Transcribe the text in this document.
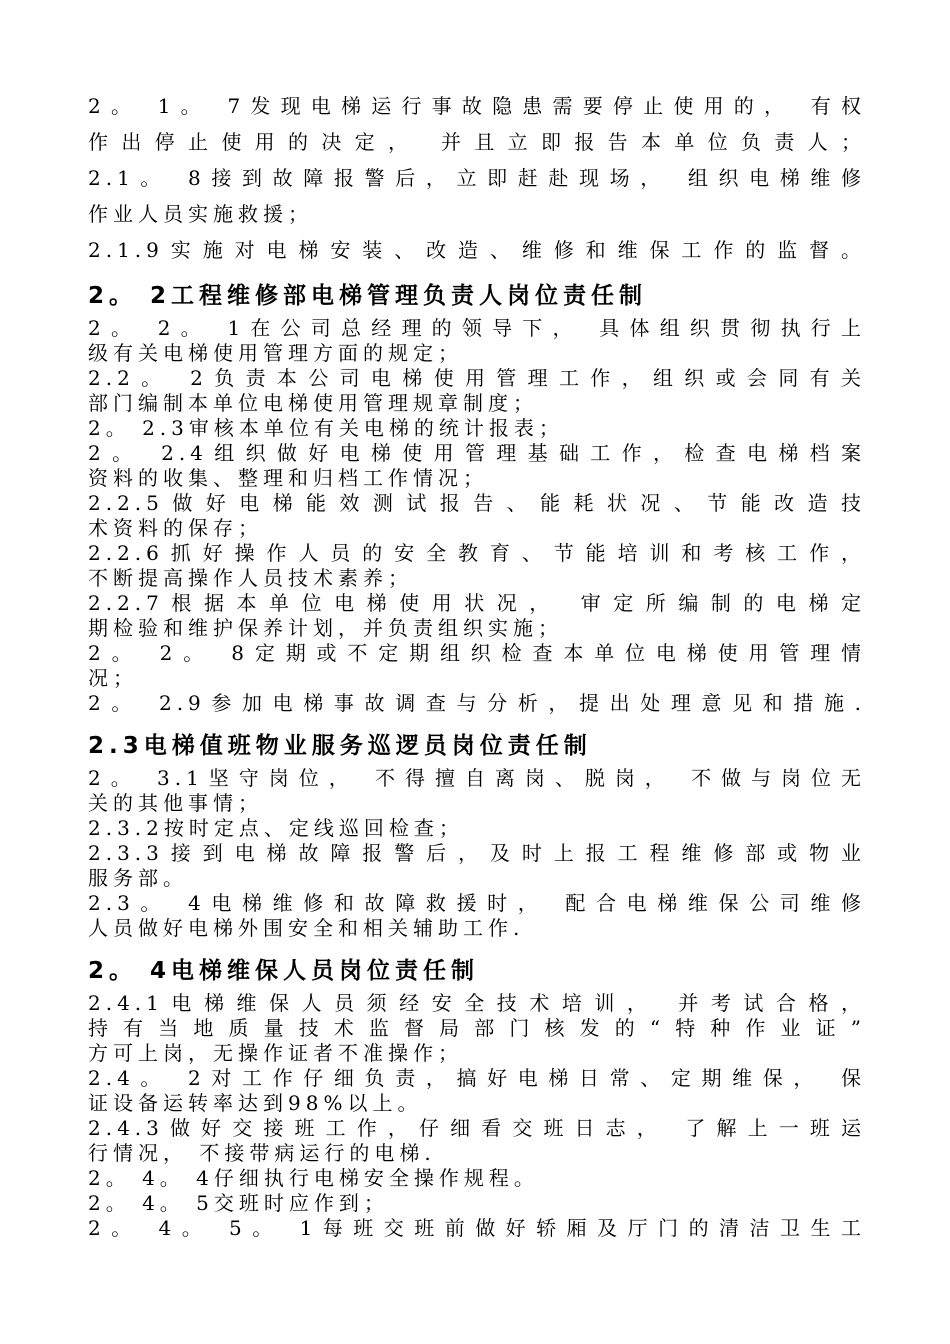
2。 1。 7发现电梯运行事故隐患需要停止使用的， 有权
作出停止使用的决定， 并且立即报告本单位负责人；
2.1。 8接到故障报警后，立即赶赴现场， 组织电梯维修
作业人员实施救援；
2.1.9实施对电梯安装、改造、维修和维保工作的监督。
2。 2工程维修部电梯管理负责人岗位责任制
2。 2。 1在公司总经理的领导下， 具体组织贯彻执行上
级有关电梯使用管理方面的规定；
2.2。 2负责本公司电梯使用管理工作，组织或会同有关
部门编制本单位电梯使用管理规章制度；
2。 2.3审核本单位有关电梯的统计报表；
2。 2.4组织做好电梯使用管理基础工作，检查电梯档案
资料的收集、整理和归档工作情况；
2.2.5做好电梯能效测试报告、能耗状况、节能改造技
术资料的保存；
2.2.6抓好操作人员的安全教育、节能培训和考核工作，
不断提高操作人员技术素养；
2.2.7根据本单位电梯使用状况， 审定所编制的电梯定
期检验和维护保养计划，并负责组织实施；
2。 2。 8定期或不定期组织检查本单位电梯使用管理情
况；
2。 2.9参加电梯事故调查与分析，提出处理意见和措施.
2.3电梯值班物业服务巡逻员岗位责任制
2。 3.1坚守岗位， 不得擅自离岗、脱岗， 不做与岗位无
关的其他事情；
2.3.2按时定点、定线巡回检查；
2.3.3接到电梯故障报警后，及时上报工程维修部或物业
服务部。
2.3。 4电梯维修和故障救援时， 配合电梯维保公司维修
人员做好电梯外围安全和相关辅助工作.
2。 4电梯维保人员岗位责任制
2.4.1电梯维保人员须经安全技术培训， 并考试合格，
持有当地质量技术监督局部门核发的“特种作业证”
方可上岗，无操作证者不准操作；
2.4。 2对工作仔细负责，搞好电梯日常、定期维保， 保
证设备运转率达到98%以上。
2.4.3做好交接班工作，仔细看交班日志， 了解上一班运
行情况， 不接带病运行的电梯.
2。 4。 4仔细执行电梯安全操作规程。
2。 4。 5交班时应作到；
2。 4。 5。 1每班交班前做好轿厢及厅门的清洁卫生工
